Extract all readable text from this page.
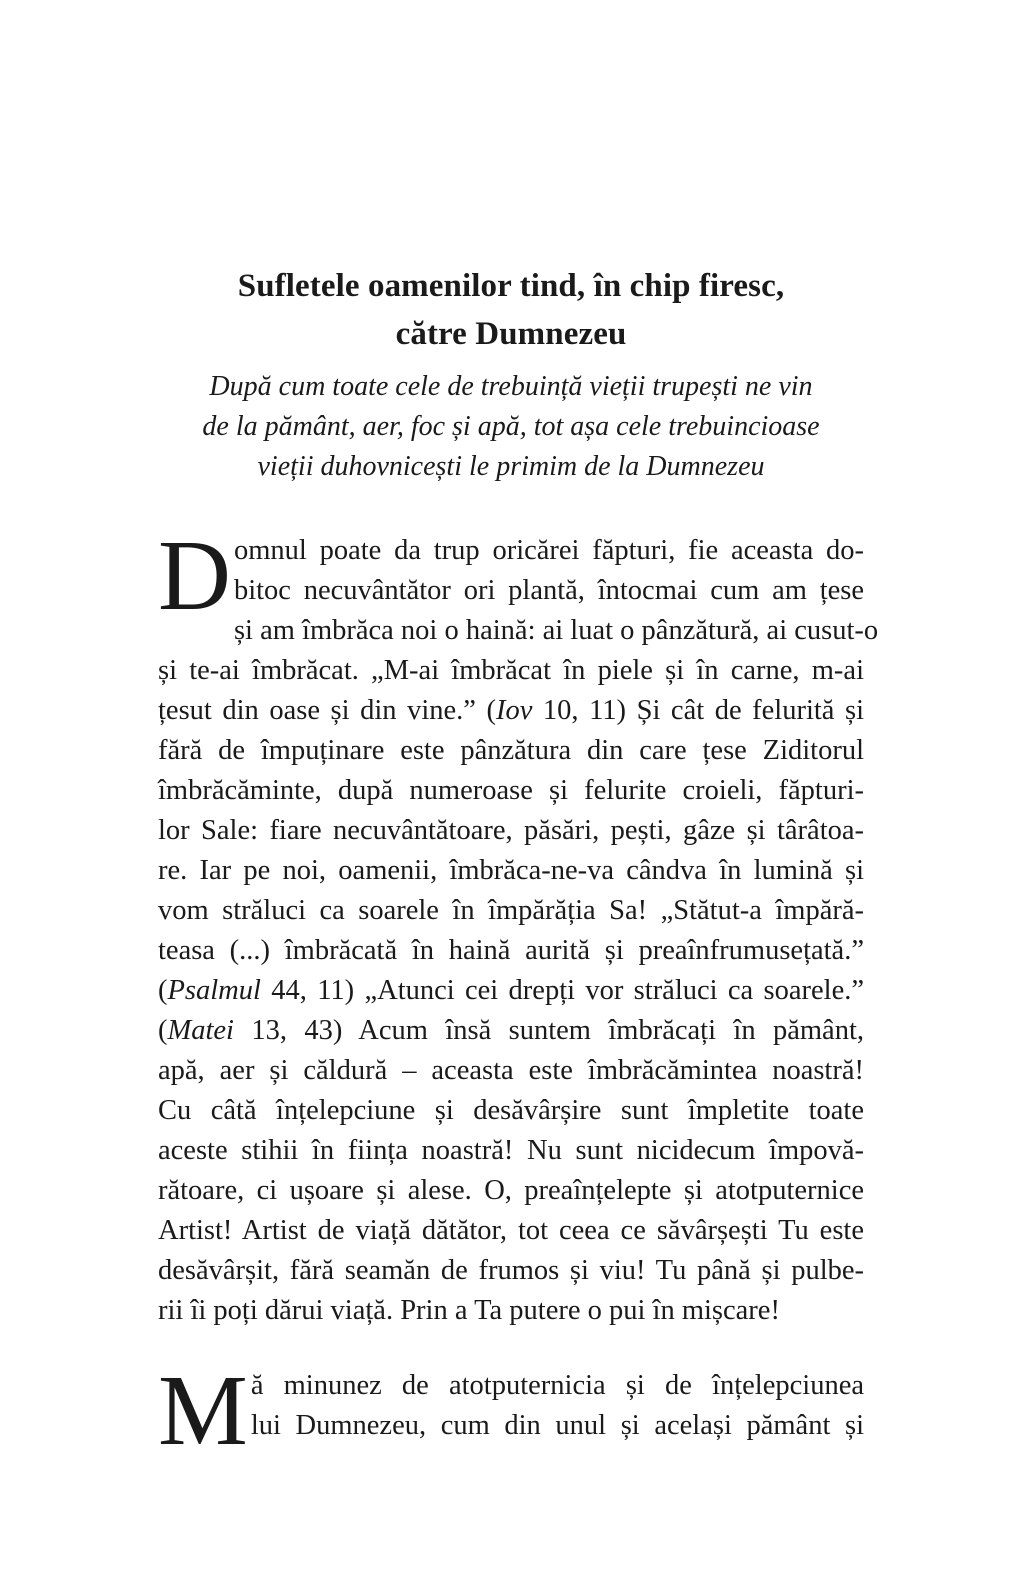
Sufletele oamenilor tind, în chip firesc,
către Dumnezeu

După cum toate cele de trebuință vieții trupești ne vin
de la pământ, aer, foc și apă, tot așa cele trebuincioase
vieții duhovnicești le primim de la Dumnezeu

D omnul poate da trup oricărei făpturi, fie aceasta do-
bitoc necuvântător ori plantă, întocmai cum am țese
și am îmbrăca noi o haină: ai luat o pânzătură, ai cusut-o
și te-ai îmbrăcat. „M-ai îmbrăcat în piele și în carne, m-ai
țesut din oase și din vine.” (Iov 10, 11) Și cât de felurită și
fără de împuținare este pânzătura din care țese Ziditorul
îmbrăcăminte, după numeroase și felurite croieli, făpturi-
lor Sale: fiare necuvântătoare, păsări, pești, gâze și târâtoa-
re. Iar pe noi, oamenii, îmbrăca-ne-va cândva în lumină și
vom străluci ca soarele în împărăția Sa! „Stătut-a împără-
teasa (...) îmbrăcată în haină aurită și preaînfrumusețată.”
(Psalmul 44, 11) „Atunci cei drepți vor străluci ca soarele.”
(Matei 13, 43) Acum însă suntem îmbrăcați în pământ,
apă, aer și căldură – aceasta este îmbrăcămintea noastră!
Cu câtă înțelepciune și desăvârșire sunt împletite toate
aceste stihii în ființa noastră! Nu sunt nicidecum împovă-
rătoare, ci ușoare și alese. O, preaînțelepte și atotputernice
Artist! Artist de viață dătător, tot ceea ce săvârșești Tu este
desăvârșit, fără seamăn de frumos și viu! Tu până și pulbe-
rii îi poți dărui viață. Prin a Ta putere o pui în mișcare!
M ă minunez de atotputernicia și de înțelepciunea
lui Dumnezeu, cum din unul și același pământ și
